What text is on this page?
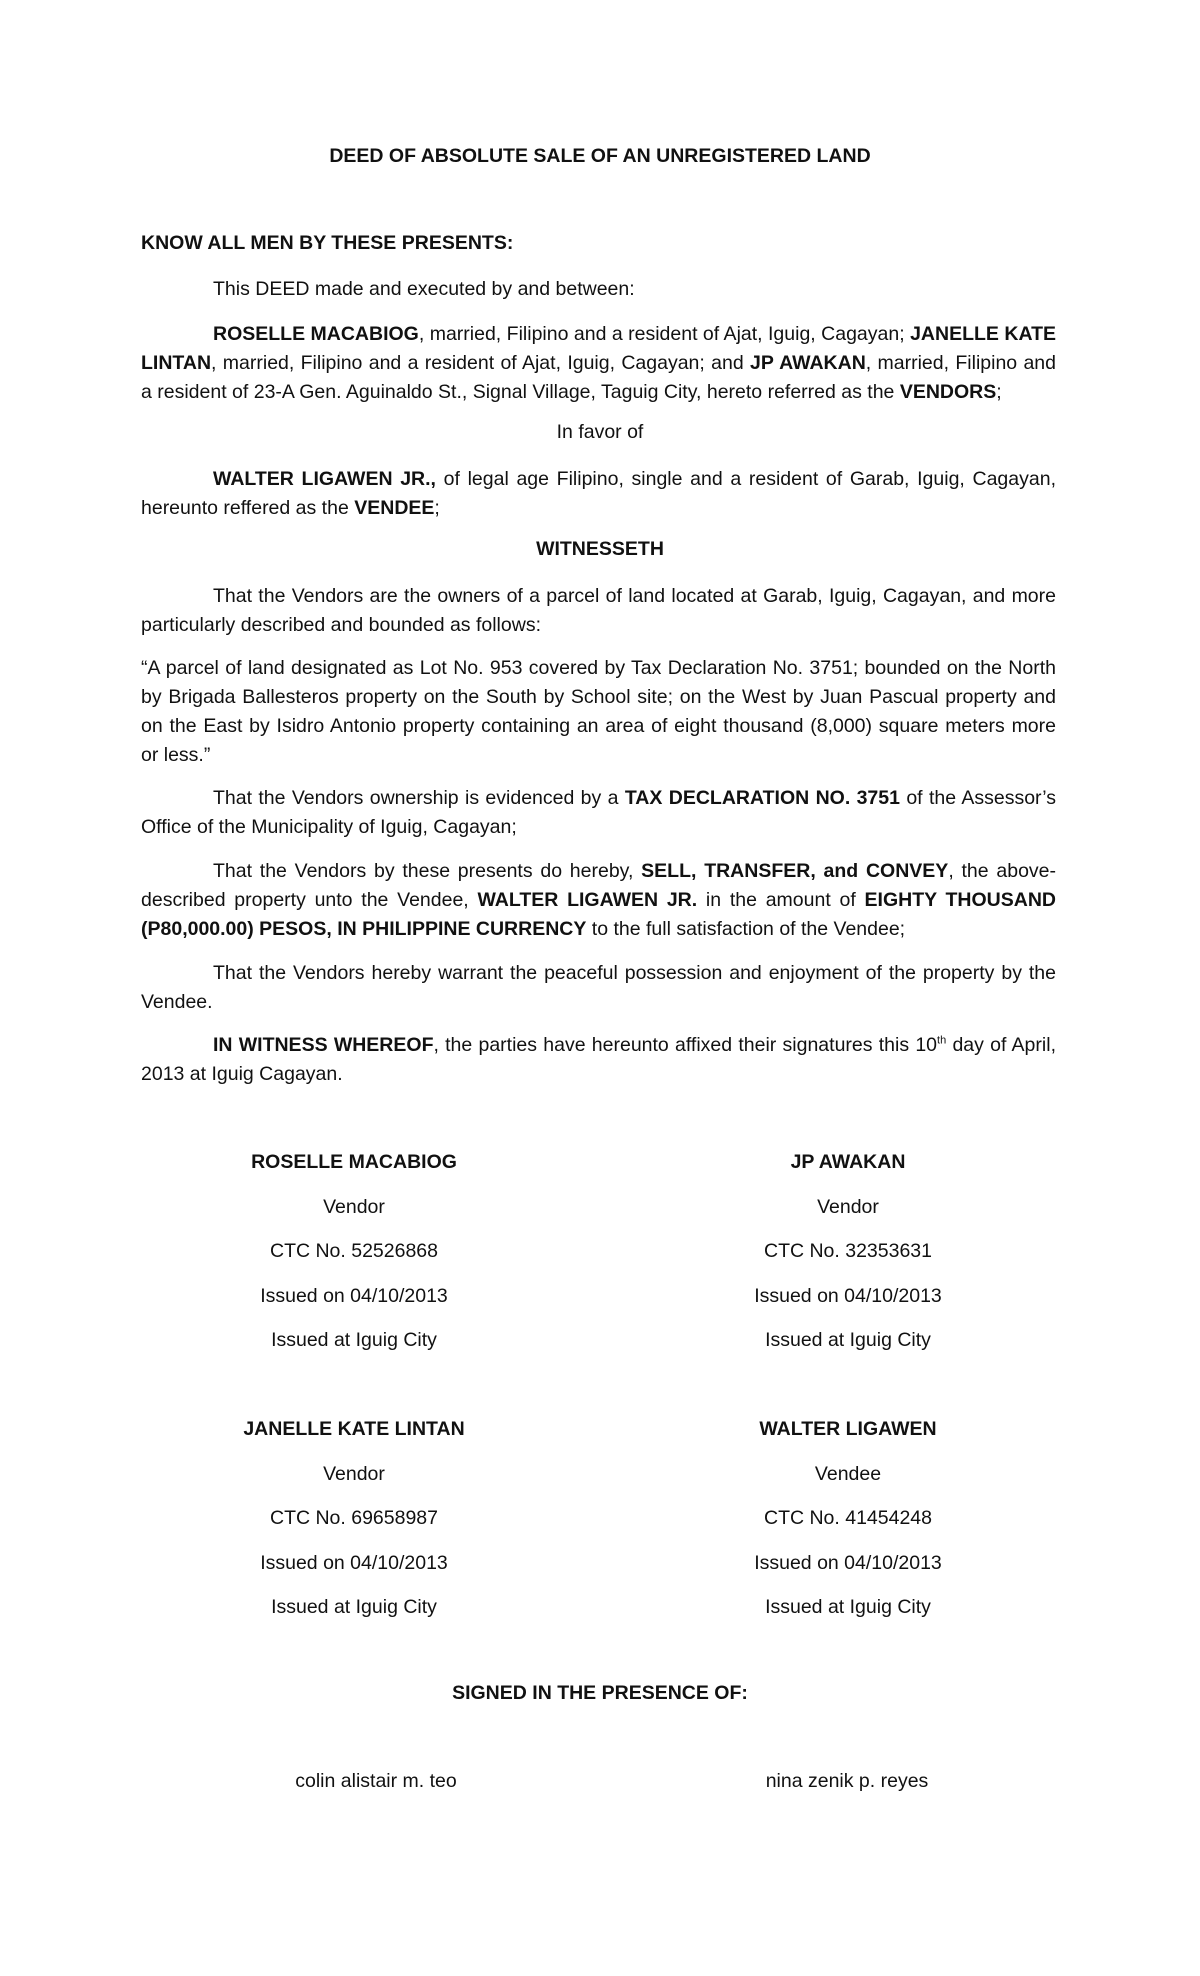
DEED OF ABSOLUTE SALE OF AN UNREGISTERED LAND
KNOW ALL MEN BY THESE PRESENTS:
This DEED made and executed by and between:
ROSELLE MACABIOG, married, Filipino and a resident of Ajat, Iguig, Cagayan; JANELLE KATE LINTAN, married, Filipino and a resident of Ajat, Iguig, Cagayan; and JP AWAKAN, married, Filipino and a resident of 23-A Gen. Aguinaldo St., Signal Village, Taguig City, hereto referred as the VENDORS;
In favor of
WALTER LIGAWEN JR., of legal age Filipino, single and a resident of Garab, Iguig, Cagayan, hereunto reffered as the VENDEE;
WITNESSETH
That the Vendors are the owners of a parcel of land located at Garab, Iguig, Cagayan, and more particularly described and bounded as follows:
“A parcel of land designated as Lot No. 953 covered by Tax Declaration No. 3751; bounded on the North by Brigada Ballesteros property on the South by School site; on the West by Juan Pascual property and on the East by Isidro Antonio property containing an area of eight thousand (8,000) square meters more or less.”
That the Vendors ownership is evidenced by a TAX DECLARATION NO. 3751 of the Assessor’s Office of the Municipality of Iguig, Cagayan;
That the Vendors by these presents do hereby, SELL, TRANSFER, and CONVEY, the above-described property unto the Vendee, WALTER LIGAWEN JR. in the amount of EIGHTY THOUSAND (P80,000.00) PESOS, IN PHILIPPINE CURRENCY to the full satisfaction of the Vendee;
That the Vendors hereby warrant the peaceful possession and enjoyment of the property by the Vendee.
IN WITNESS WHEREOF, the parties have hereunto affixed their signatures this 10th day of April, 2013 at Iguig Cagayan.
ROSELLE MACABIOG
Vendor
CTC No. 52526868
Issued on 04/10/2013
Issued at Iguig City
JP AWAKAN
Vendor
CTC No. 32353631
Issued on 04/10/2013
Issued at Iguig City
JANELLE KATE LINTAN
Vendor
CTC No. 69658987
Issued on 04/10/2013
Issued at Iguig City
WALTER LIGAWEN
Vendee
CTC No. 41454248
Issued on 04/10/2013
Issued at Iguig City
SIGNED IN THE PRESENCE OF:
colin alistair m. teo	nina zenik p. reyes
